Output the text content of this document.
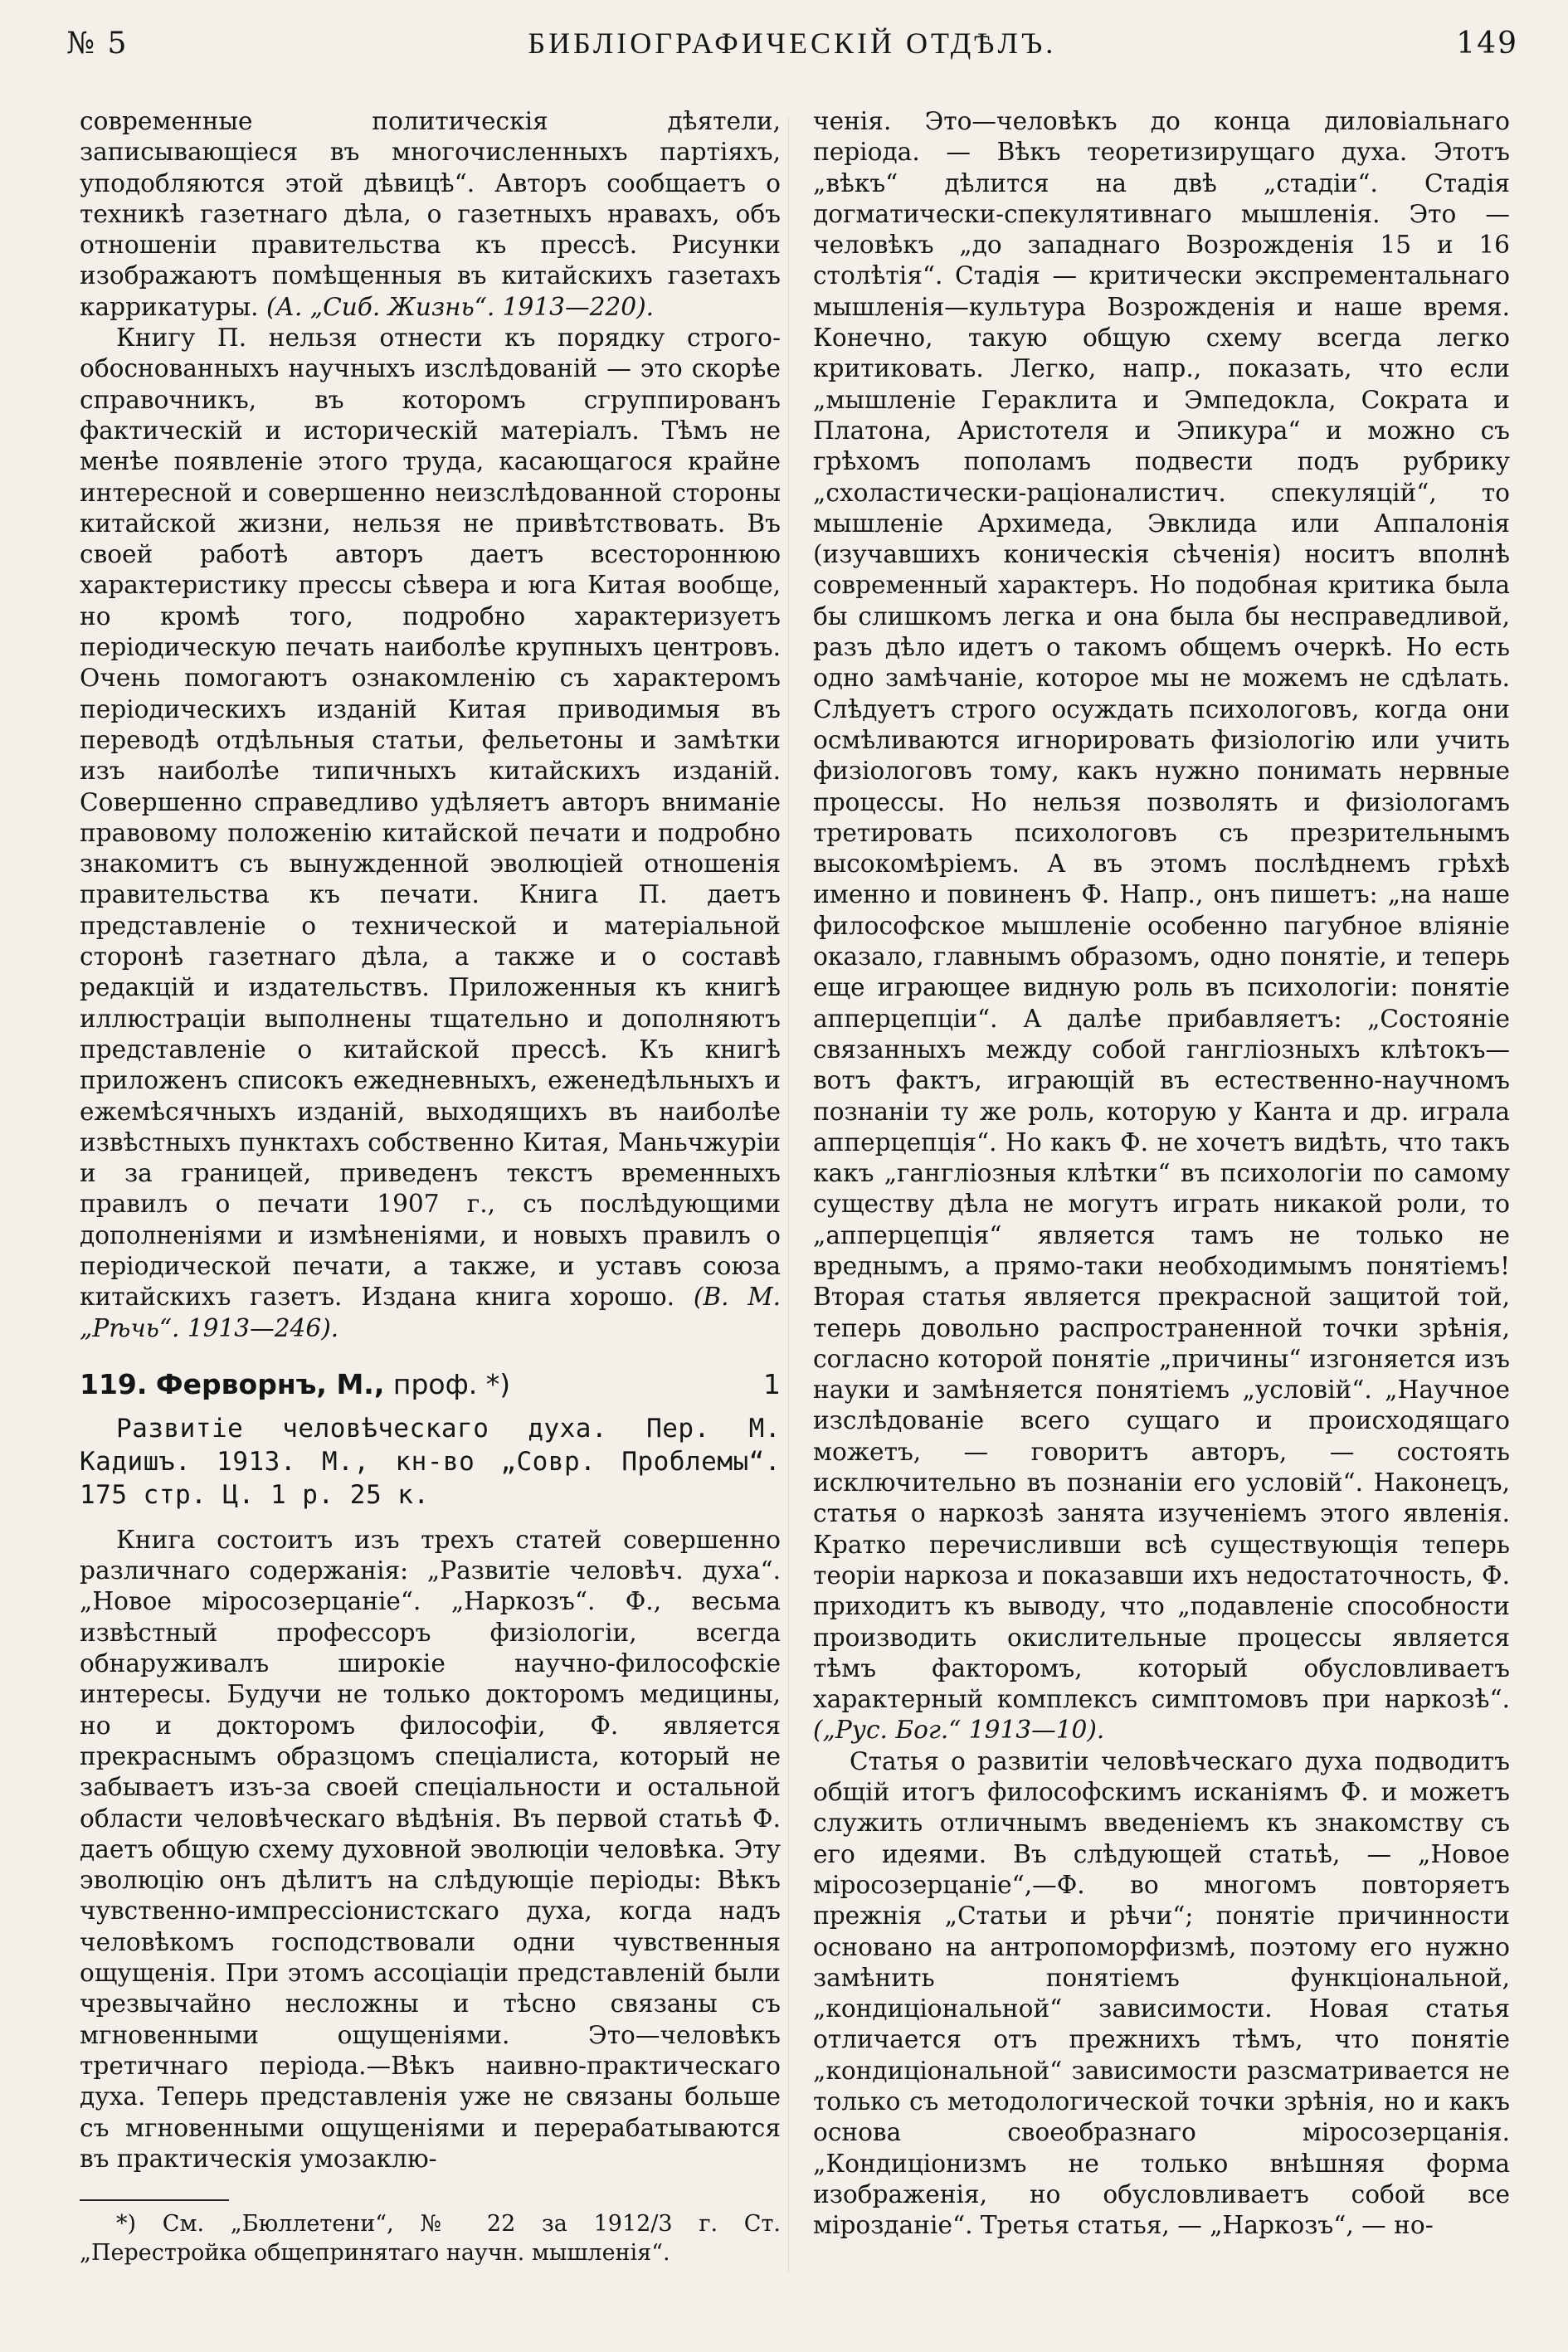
№ 5	БИБЛІОГРАФИЧЕСКІЙ ОТДѢЛЪ.	149

современные политическія дѣятели, записывающіеся въ многочисленныхъ партіяхъ, уподобляются этой дѣвицѣ“. Авторъ сообщаетъ о техникѣ газетнаго дѣла, о газетныхъ нравахъ, объ отношеніи правительства къ прессѣ. Рисунки изображаютъ помѣщенныя въ китайскихъ газетахъ каррикатуры. (А. „Сиб. Жизнь“. 1913—220).

Книгу П. нельзя отнести къ порядку строго-обоснованныхъ научныхъ изслѣдованій — это скорѣе справочникъ, въ которомъ сгруппированъ фактическій и историческій матеріалъ. Тѣмъ не менѣе появленіе этого труда, касающагося крайне интересной и совершенно неизслѣдованной стороны китайской жизни, нельзя не привѣтствовать. Въ своей работѣ авторъ даетъ всестороннюю характеристику прессы сѣвера и юга Китая вообще, но кромѣ того, подробно характеризуетъ періодическую печать наиболѣе крупныхъ центровъ. Очень помогаютъ ознакомленію съ характеромъ періодическихъ изданій Китая приводимыя въ переводѣ отдѣльныя статьи, фельетоны и замѣтки изъ наиболѣе типичныхъ китайскихъ изданій. Совершенно справедливо удѣляетъ авторъ вниманіе правовому положенію китайской печати и подробно знакомитъ съ вынужденной эволюціей отношенія правительства къ печати. Книга П. даетъ представленіе о технической и матеріальной сторонѣ газетнаго дѣла, а также и о составѣ редакцій и издательствъ. Приложенныя къ книгѣ иллюстраціи выполнены тщательно и дополняютъ представленіе о китайской прессѣ. Къ книгѣ приложенъ списокъ ежедневныхъ, еженедѣльныхъ и ежемѣсячныхъ изданій, выходящихъ въ наиболѣе извѣстныхъ пунктахъ собственно Китая, Маньчжуріи и за границей, приведенъ текстъ временныхъ правилъ о печати 1907 г., съ послѣдующими дополненіями и измѣненіями, и новыхъ правилъ о періодической печати, а также, и уставъ союза китайскихъ газетъ. Издана книга хорошо. (В. М. „Рѣчь“. 1913—246).

119. Ферворнъ, М., проф. *)	1

Развитіе человѣческаго духа. Пер. М. Кадишъ. 1913. М., кн-во „Совр. Проблемы“. 175 стр. Ц. 1 р. 25 к.

Книга состоитъ изъ трехъ статей совершенно различнаго содержанія: „Развитіе человѣч. духа“. „Новое міросозерцаніе“. „Наркозъ“. Ф., весьма извѣстный профессоръ физіологіи, всегда обнаруживалъ широкіе научно-философскіе интересы. Будучи не только докторомъ медицины, но и докторомъ философіи, Ф. является прекраснымъ образцомъ спеціалиста, который не забываетъ изъ-за своей спеціальности и остальной области человѣческаго вѣдѣнія. Въ первой статьѣ Ф. даетъ общую схему духовной эволюціи человѣка. Эту эволюцію онъ дѣлитъ на слѣдующіе періоды: Вѣкъ чувственно-импрессіонистскаго духа, когда надъ человѣкомъ господствовали одни чувственныя ощущенія. При этомъ ассоціаціи представленій были чрезвычайно несложны и тѣсно связаны съ мгновенными ощущеніями. Это—человѣкъ третичнаго періода.—Вѣкъ наивно-практическаго духа. Теперь представленія уже не связаны больше съ мгновенными ощущеніями и перерабатываются въ практическія умозаклю-

*) См. „Бюллетени“, № 22 за 1912/3 г. Ст. „Перестройка общепринятаго научн. мышленія“.

ченія. Это—человѣкъ до конца диловіальнаго періода. — Вѣкъ теоретизирущаго духа. Этотъ „вѣкъ“ дѣлится на двѣ „стадіи“. Стадія догматически-спекулятивнаго мышленія. Это — человѣкъ „до западнаго Возрожденія 15 и 16 столѣтія“. Стадія — критически экспрементальнаго мышленія—культура Возрожденія и наше время. Конечно, такую общую схему всегда легко критиковать. Легко, напр., показать, что если „мышленіе Гераклита и Эмпедокла, Сократа и Платона, Аристотеля и Эпикура“ и можно съ грѣхомъ пополамъ подвести подъ рубрику „схоластически-раціоналистич. спекуляцій“, то мышленіе Архимеда, Эвклида или Аппалонія (изучавшихъ коническія сѣченія) носитъ вполнѣ современный характеръ. Но подобная критика была бы слишкомъ легка и она была бы несправедливой, разъ дѣло идетъ о такомъ общемъ очеркѣ. Но есть одно замѣчаніе, которое мы не можемъ не сдѣлать. Слѣдуетъ строго осуждать психологовъ, когда они осмѣливаются игнорировать физіологію или учить физіологовъ тому, какъ нужно понимать нервные процессы. Но нельзя позволять и физіологамъ третировать психологовъ съ презрительнымъ высокомѣріемъ. А въ этомъ послѣднемъ грѣхѣ именно и повиненъ Ф. Напр., онъ пишетъ: „на наше философское мышленіе особенно пагубное вліяніе оказало, главнымъ образомъ, одно понятіе, и теперь еще играющее видную роль въ психологіи: понятіе апперцепціи“. А далѣе прибавляетъ: „Состояніе связанныхъ между собой ганглiозныхъ клѣтокъ—вотъ фактъ, играющій въ естественно-научномъ познаніи ту же роль, которую у Канта и др. играла апперцепція“. Но какъ Ф. не хочетъ видѣть, что такъ какъ „ганглiозныя клѣтки“ въ психологіи по самому существу дѣла не могутъ играть никакой роли, то „апперцепція“ является тамъ не только не вреднымъ, а прямо-таки необходимымъ понятіемъ! Вторая статья является прекрасной защитой той, теперь довольно распространенной точки зрѣнія, согласно которой понятіе „причины“ изгоняется изъ науки и замѣняется понятіемъ „условій“. „Научное изслѣдованіе всего сущаго и происходящаго можетъ, — говоритъ авторъ, — состоять исключительно въ познаніи его условій“. Наконецъ, статья о наркозѣ занята изученіемъ этого явленія. Кратко перечисливши всѣ существующія теперь теоріи наркоза и показавши ихъ недостаточность, Ф. приходитъ къ выводу, что „подавленіе способности производить окислительные процессы является тѣмъ факторомъ, который обусловливаетъ характерный комплексъ симптомовъ при наркозѣ“. („Рус. Бог.“ 1913—10).

Статья о развитіи человѣческаго духа подводитъ общій итогъ философскимъ исканіямъ Ф. и можетъ служить отличнымъ введеніемъ къ знакомству съ его идеями. Въ слѣдующей статьѣ, — „Новое міросозерцаніе“,—Ф. во многомъ повторяетъ прежнія „Статьи и рѣчи“; понятіе причинности основано на антропоморфизмѣ, поэтому его нужно замѣнить понятіемъ функціональной, „кондиціональной“ зависимости. Новая статья отличается отъ прежнихъ тѣмъ, что понятіе „кондиціональной“ зависимости разсматривается не только съ методологической точки зрѣнія, но и какъ основа своеобразнаго міросозерцанія. „Кондиціонизмъ не только внѣшняя форма изображенія, но обусловливаетъ собой все мірозданіе“. Третья статья, — „Наркозъ“, — но-
